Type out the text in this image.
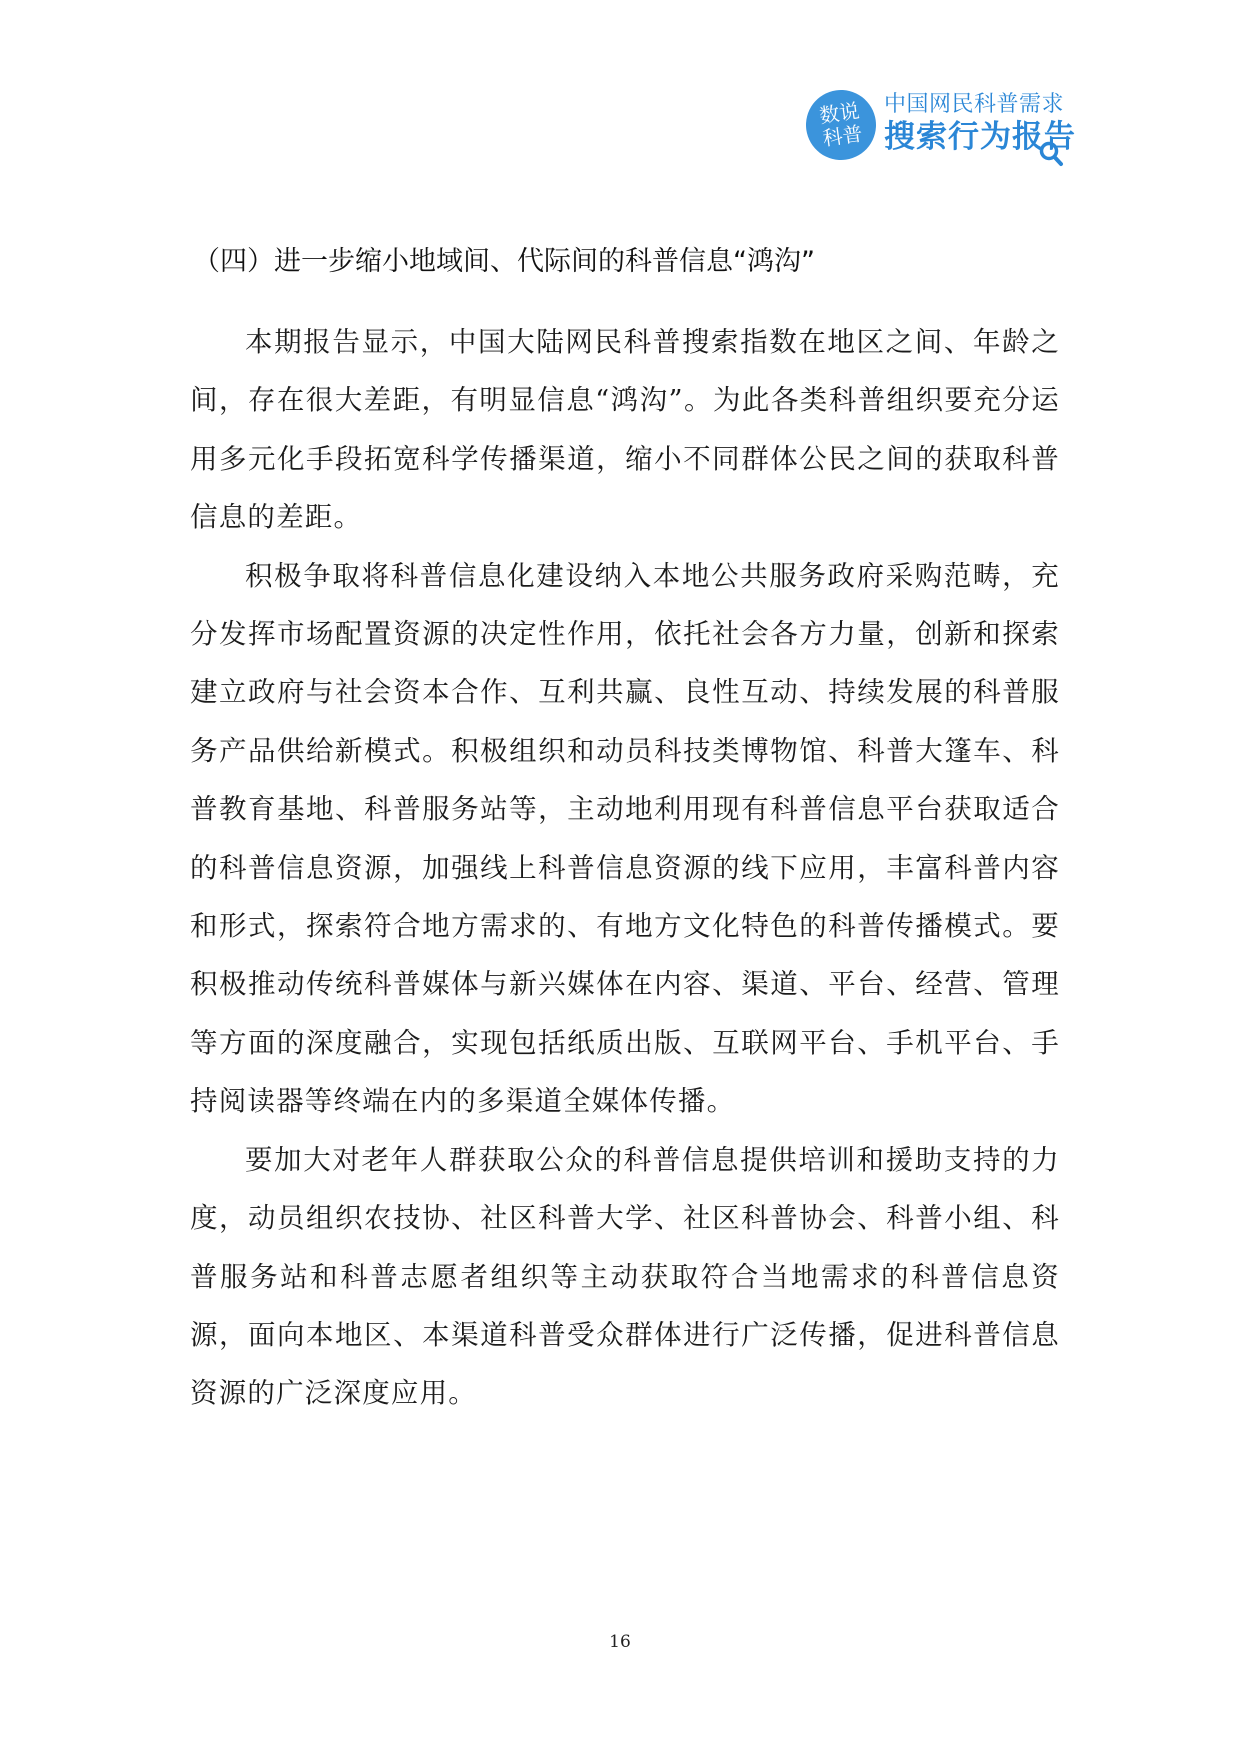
数说
科普
中国网民科普需求
搜索行为报告
（四）进一步缩小地域间、代际间的科普信息“鸿沟”

本期报告显示，中国大陆网民科普搜索指数在地区之间、年龄之间，存在很大差距，有明显信息“鸿沟”。为此各类科普组织要充分运用多元化手段拓宽科学传播渠道，缩小不同群体公民之间的获取科普信息的差距。

积极争取将科普信息化建设纳入本地公共服务政府采购范畴，充分发挥市场配置资源的决定性作用，依托社会各方力量，创新和探索建立政府与社会资本合作、互利共赢、良性互动、持续发展的科普服务产品供给新模式。积极组织和动员科技类博物馆、科普大篷车、科普教育基地、科普服务站等，主动地利用现有科普信息平台获取适合的科普信息资源，加强线上科普信息资源的线下应用，丰富科普内容和形式，探索符合地方需求的、有地方文化特色的科普传播模式。要积极推动传统科普媒体与新兴媒体在内容、渠道、平台、经营、管理等方面的深度融合，实现包括纸质出版、互联网平台、手机平台、手持阅读器等终端在内的多渠道全媒体传播。

要加大对老年人群获取公众的科普信息提供培训和援助支持的力度，动员组织农技协、社区科普大学、社区科普协会、科普小组、科普服务站和科普志愿者组织等主动获取符合当地需求的科普信息资源，面向本地区、本渠道科普受众群体进行广泛传播，促进科普信息资源的广泛深度应用。

16
